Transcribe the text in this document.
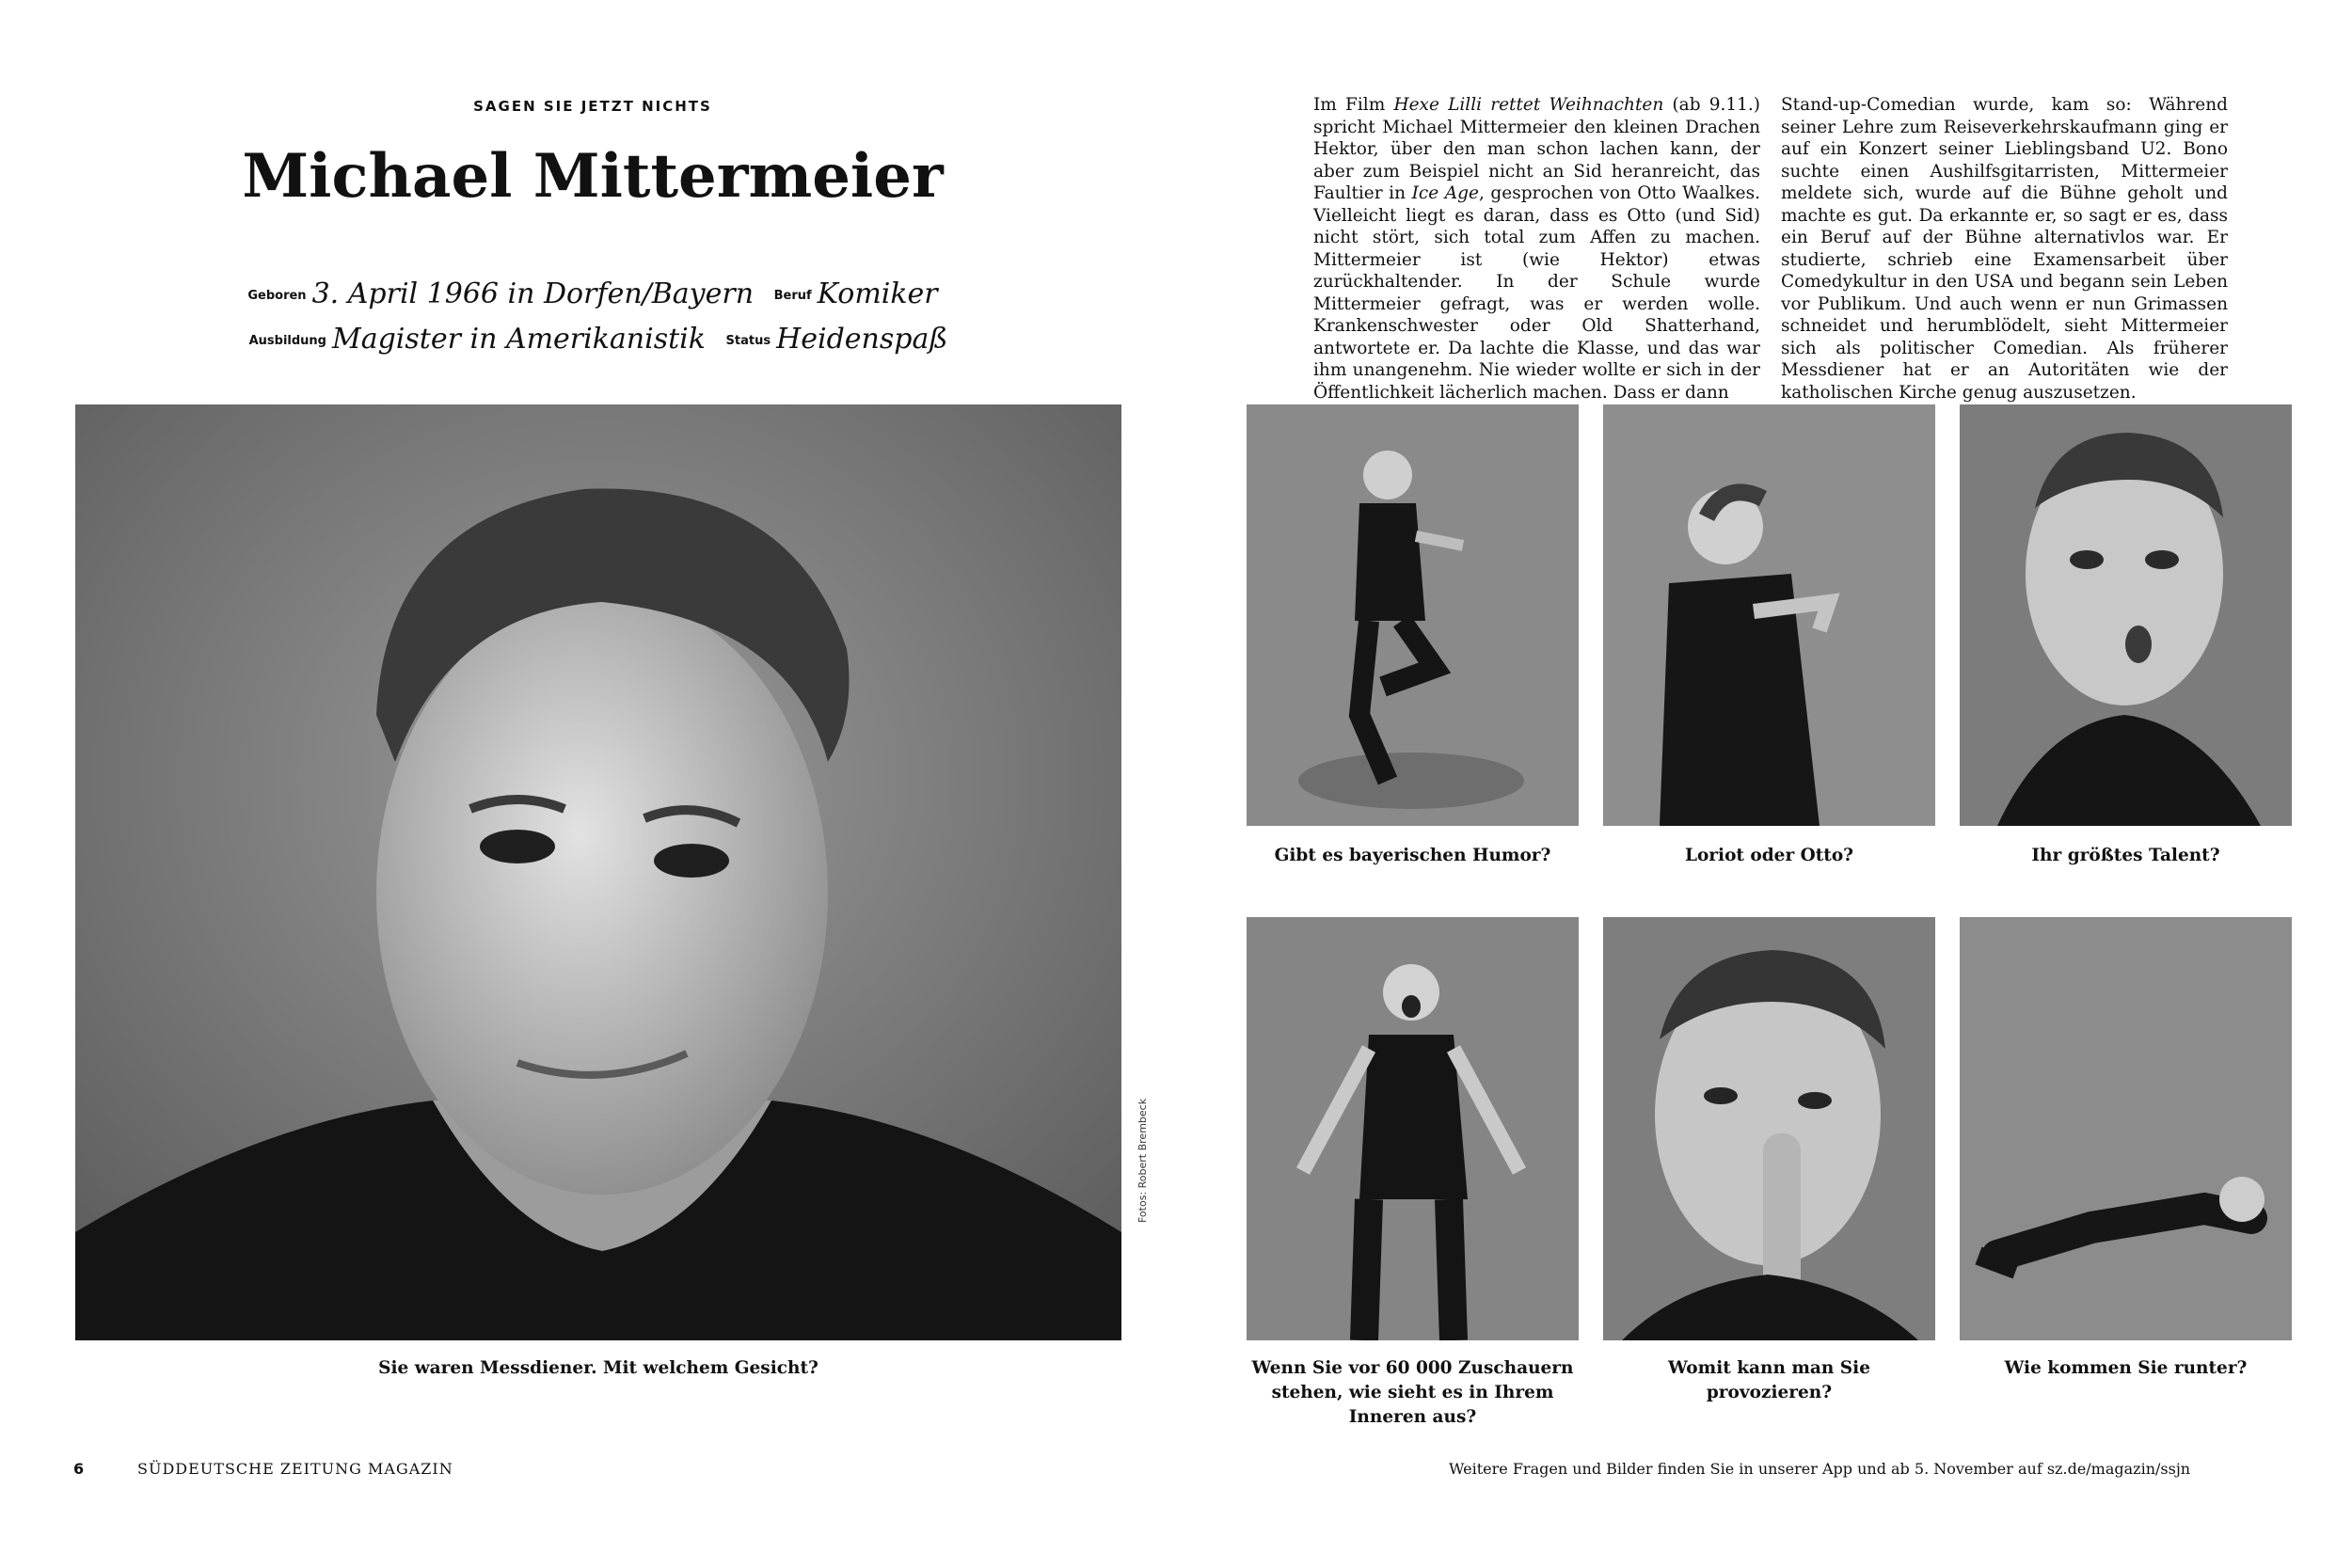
SAGEN SIE JETZT NICHTS
Michael Mittermeier
Geboren 3. April 1966 in Dorfen/Bayern Beruf Komiker Ausbildung Magister in Amerikanistik Status Heidenspaß
Sie waren Messdiener. Mit welchem Gesicht?
Fotos: Robert Brembeck
6	SÜDDEUTSCHE ZEITUNG MAGAZIN
Im Film Hexe Lilli rettet Weihnachten (ab 9.11.) spricht Michael Mittermeier den kleinen Drachen Hektor, über den man schon lachen kann, der aber zum Beispiel nicht an Sid heranreicht, das Faultier in Ice Age, gesprochen von Otto Waalkes. Vielleicht liegt es daran, dass es Otto (und Sid) nicht stört, sich total zum Affen zu machen. Mittermeier ist (wie Hektor) etwas zurückhaltender. In der Schule wurde Mittermeier gefragt, was er werden wolle. Krankenschwester oder Old Shatterhand, antwortete er. Da lachte die Klasse, und das war ihm unangenehm. Nie wieder wollte er sich in der Öffentlichkeit lächerlich machen. Dass er dann
Stand-up-Comedian wurde, kam so: Während seiner Lehre zum Reiseverkehrskaufmann ging er auf ein Konzert seiner Lieblingsband U2. Bono suchte einen Aushilfsgitarristen, Mittermeier meldete sich, wurde auf die Bühne geholt und machte es gut. Da erkannte er, so sagt er es, dass ein Beruf auf der Bühne alternativlos war. Er studierte, schrieb eine Examensarbeit über Comedykultur in den USA und begann sein Leben vor Publikum. Und auch wenn er nun Grimassen schneidet und herumblödelt, sieht Mittermeier sich als politischer Comedian. Als früherer Messdiener hat er an Autoritäten wie der katholischen Kirche genug auszusetzen.
Gibt es bayerischen Humor?	Loriot oder Otto?	Ihr größtes Talent?
Wenn Sie vor 60 000 Zuschauern stehen, wie sieht es in Ihrem Inneren aus?
Womit kann man Sie provozieren?
Wie kommen Sie runter?
Weitere Fragen und Bilder finden Sie in unserer App und ab 5. November auf sz.de/magazin/ssjn
